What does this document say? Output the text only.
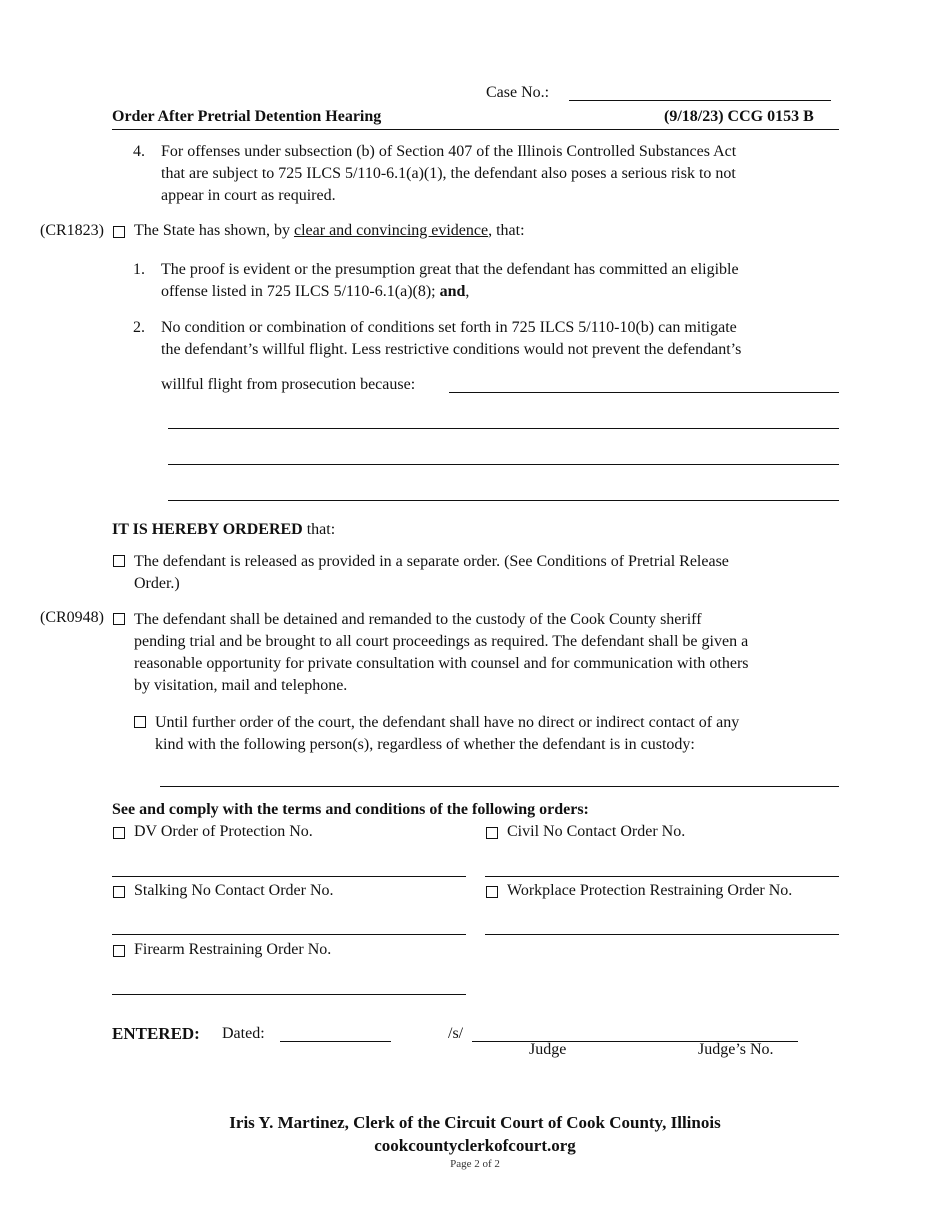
Case No.:
Order After Pretrial Detention Hearing	(9/18/23) CCG 0153 B
4. For offenses under subsection (b) of Section 407 of the Illinois Controlled Substances Act
that are subject to 725 ILCS 5/110-6.1(a)(1), the defendant also poses a serious risk to not
appear in court as required.
(CR1823) The State has shown, by clear and convincing evidence, that:
1. The proof is evident or the presumption great that the defendant has committed an eligible
offense listed in 725 ILCS 5/110-6.1(a)(8); and,
2. No condition or combination of conditions set forth in 725 ILCS 5/110-10(b) can mitigate
the defendant’s willful flight. Less restrictive conditions would not prevent the defendant’s
willful flight from prosecution because:
IT IS HEREBY ORDERED that:
The defendant is released as provided in a separate order. (See Conditions of Pretrial Release
Order.)
(CR0948) The defendant shall be detained and remanded to the custody of the Cook County sheriff
pending trial and be brought to all court proceedings as required. The defendant shall be given a
reasonable opportunity for private consultation with counsel and for communication with others
by visitation, mail and telephone.
Until further order of the court, the defendant shall have no direct or indirect contact of any
kind with the following person(s), regardless of whether the defendant is in custody:
See and comply with the terms and conditions of the following orders:
DV Order of Protection No.	Civil No Contact Order No.
Stalking No Contact Order No.	Workplace Protection Restraining Order No.
Firearm Restraining Order No.
ENTERED: Dated:	/s/
Judge	Judge’s No.
Iris Y. Martinez, Clerk of the Circuit Court of Cook County, Illinois
cookcountyclerkofcourt.org
Page 2 of 2
